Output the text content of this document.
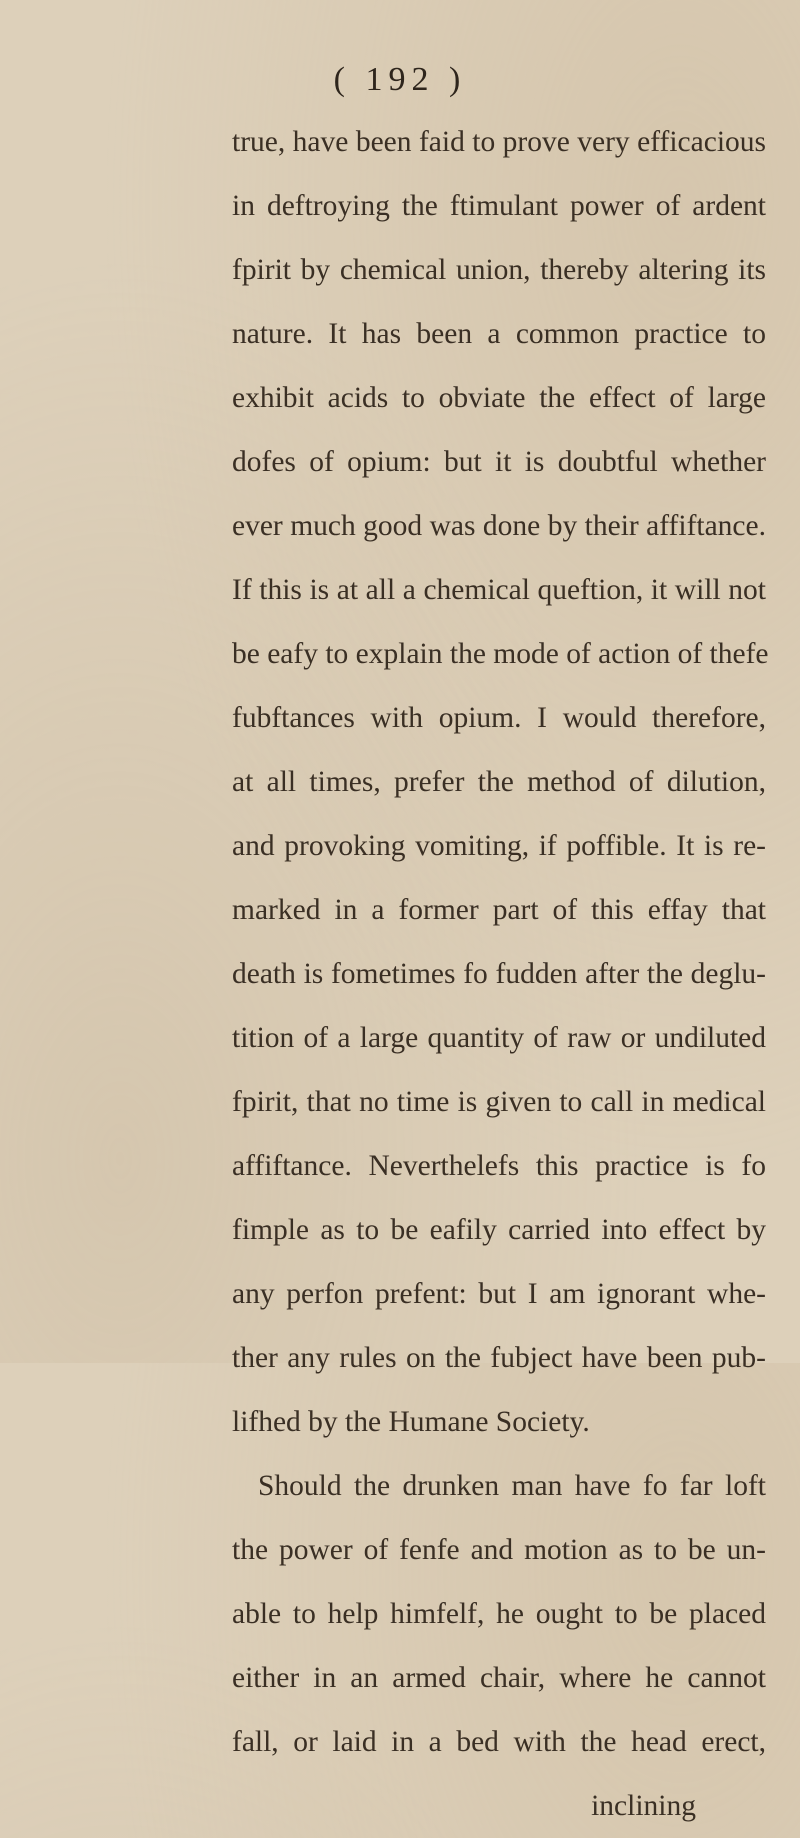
( 192 )
true, have been faid to prove very efficacious
in deftroying the ftimulant power of ardent
fpirit by chemical union, thereby altering its
nature. It has been a common practice to
exhibit acids to obviate the effect of large
dofes of opium: but it is doubtful whether
ever much good was done by their affiftance.
If this is at all a chemical queftion, it will not
be eafy to explain the mode of action of thefe
fubftances with opium. I would therefore,
at all times, prefer the method of dilution,
and provoking vomiting, if poffible. It is re-
marked in a former part of this effay that
death is fometimes fo fudden after the deglu-
tition of a large quantity of raw or undiluted
fpirit, that no time is given to call in medical
affiftance. Neverthelefs this practice is fo
fimple as to be eafily carried into effect by
any perfon prefent: but I am ignorant whe-
ther any rules on the fubject have been pub-
lifhed by the Humane Society.
Should the drunken man have fo far loft
the power of fenfe and motion as to be un-
able to help himfelf, he ought to be placed
either in an armed chair, where he cannot
fall, or laid in a bed with the head erect,
inclining
